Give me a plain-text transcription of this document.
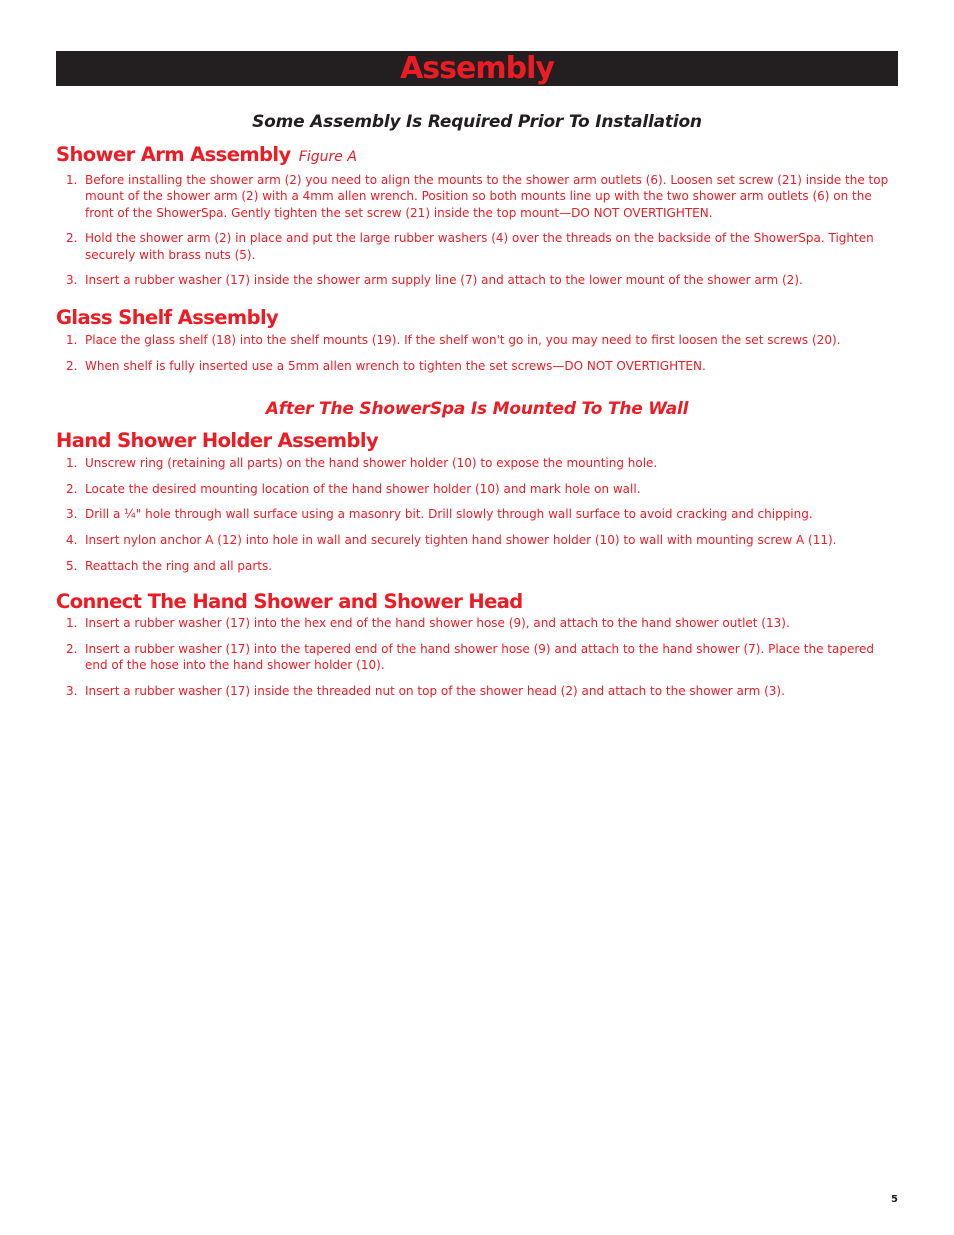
Assembly
Some Assembly Is Required Prior To Installation
Shower Arm Assembly Figure A
1. Before installing the shower arm (2) you need to align the mounts to the shower arm outlets (6). Loosen set screw (21) inside the top mount of the shower arm (2) with a 4mm allen wrench. Position so both mounts line up with the two shower arm outlets (6) on the front of the ShowerSpa. Gently tighten the set screw (21) inside the top mount—DO NOT OVERTIGHTEN.
2. Hold the shower arm (2) in place and put the large rubber washers (4) over the threads on the backside of the ShowerSpa. Tighten securely with brass nuts (5).
3. Insert a rubber washer (17) inside the shower arm supply line (7) and attach to the lower mount of the shower arm (2).
Glass Shelf Assembly
1. Place the glass shelf (18) into the shelf mounts (19). If the shelf won't go in, you may need to first loosen the set screws (20).
2. When shelf is fully inserted use a 5mm allen wrench to tighten the set screws—DO NOT OVERTIGHTEN.
After The ShowerSpa Is Mounted To The Wall
Hand Shower Holder Assembly
1. Unscrew ring (retaining all parts) on the hand shower holder (10) to expose the mounting hole.
2. Locate the desired mounting location of the hand shower holder (10) and mark hole on wall.
3. Drill a ¼" hole through wall surface using a masonry bit. Drill slowly through wall surface to avoid cracking and chipping.
4. Insert nylon anchor A (12) into hole in wall and securely tighten hand shower holder (10) to wall with mounting screw A (11).
5. Reattach the ring and all parts.
Connect The Hand Shower and Shower Head
1. Insert a rubber washer (17) into the hex end of the hand shower hose (9), and attach to the hand shower outlet (13).
2. Insert a rubber washer (17) into the tapered end of the hand shower hose (9) and attach to the hand shower (7). Place the tapered end of the hose into the hand shower holder (10).
3. Insert a rubber washer (17) inside the threaded nut on top of the shower head (2) and attach to the shower arm (3).
5
